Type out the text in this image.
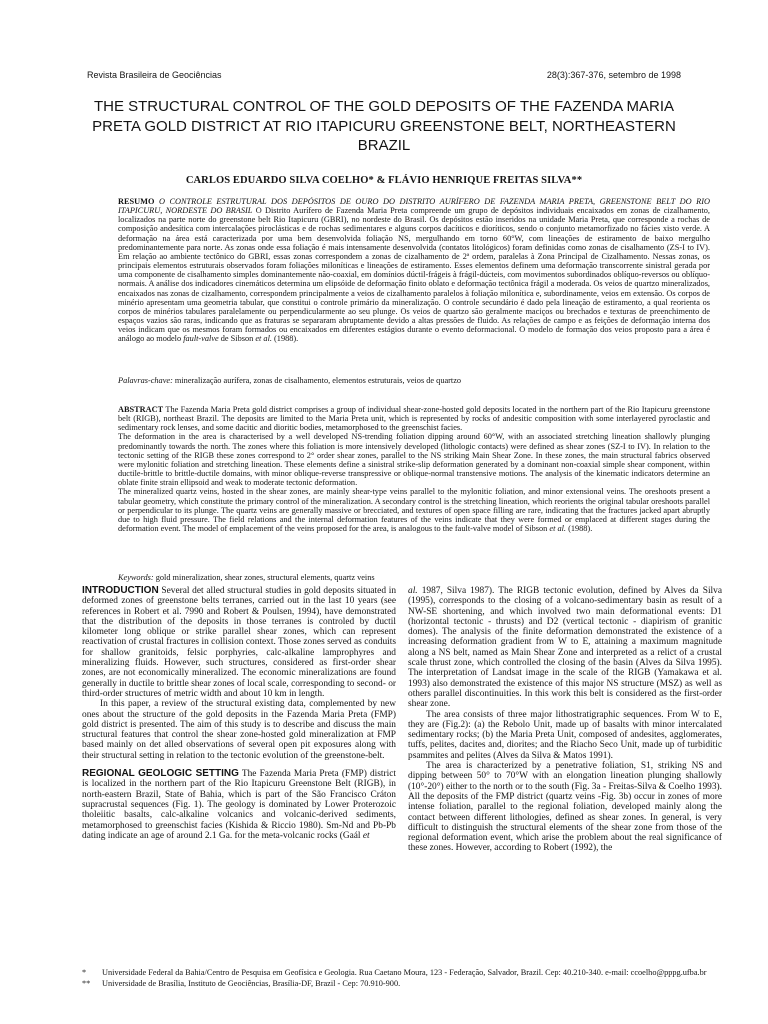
Revista Brasileira de Geociências	28(3):367-376, setembro de 1998
THE STRUCTURAL CONTROL OF THE GOLD DEPOSITS OF THE FAZENDA MARIA PRETA GOLD DISTRICT AT RIO ITAPICURU GREENSTONE BELT, NORTHEASTERN BRAZIL
CARLOS EDUARDO SILVA COELHO* & FLÁVIO HENRIQUE FREITAS SILVA**

RESUMO O CONTROLE ESTRUTURAL DOS DEPÓSITOS DE OURO DO DISTRITO AURÍFERO DE FAZENDA MARIA PRETA, GREENSTONE BELT DO RIO ITAPICURU, NORDESTE DO BRASIL O Distrito Aurífero de Fazenda Maria Preta compreende um grupo de depósitos individuais encaixados em zonas de cizalhamento, localizados na parte norte do greenstone belt Rio Itapicuru (GBRI), no nordeste do Brasil. Os depósitos estão inseridos na unidade Maria Preta, que corresponde a rochas de composição andesítica com intercalações piroclásticas e de rochas sedimentares e alguns corpos dacíticos e dioríticos, sendo o conjunto metamorfizado no fácies xisto verde. A deformação na área está caracterizada por uma bem desenvolvida foliação NS, mergulhando em torno 60°W, com lineações de estiramento de baixo mergulho predominantemente para norte. As zonas onde essa foliação é mais intensamente desenvolvida (contatos litológicos) foram definidas como zonas de cisalhamento (ZS-I to IV). Em relação ao ambiente tectônico do GBRI, essas zonas correspondem a zonas de cizalhamento de 2ª ordem, paralelas à Zona Principal de Cizalhamento. Nessas zonas, os principais elementos estruturais observados foram foliações miloníticas e lineações de estiramento. Esses elementos definem uma deformação transcorrente sinistral gerada por uma componente de cisalhamento simples dominantemente não-coaxial, em domínios dúctil-frágeis à frágil-dúcteis, com movimentos subordinados oblíquo-reversos ou oblíquo-normais. A análise dos indicadores cinemáticos determina um elipsóide de deformação finito oblato e deformação tectônica frágil a moderada. Os veios de quartzo mineralizados, encaixados nas zonas de cizalhamento, correspondem principalmente a veios de cizalhamento paralelos à foliação milonítica e, subordinamente, veios em extensão. Os corpos de minério apresentam uma geometria tabular, que constitui o controle primário da mineralização. O controle secundário é dado pela lineação de estiramento, a qual reorienta os corpos de minérios tabulares paralelamente ou perpendicularmente ao seu plunge. Os veios de quartzo são geralmente maciços ou brechados e texturas de preenchimento de espaços vazios são raras, indicando que as fraturas se separaram abruptamente devido a altas pressões de fluido. As relações de campo e as feições de deformação interna dos veios indicam que os mesmos foram formados ou encaixados em diferentes estágios durante o evento deformacional. O modelo de formação dos veios proposto para a área é análogo ao modelo fault-valve de Sibson et al. (1988).

Palavras-chave: mineralização aurífera, zonas de cisalhamento, elementos estruturais, veios de quartzo

ABSTRACT The Fazenda Maria Preta gold district comprises a group of individual shear-zone-hosted gold deposits located in the northern part of the Rio Itapicuru greenstone belt (RIGB), northeast Brazil. The deposits are limited to the Maria Preta unit, which is represented by rocks of andesitic composition with some interlayered pyroclastic and sedimentary rock lenses, and some dacitic and dioritic bodies, metamorphosed to the greenschist facies.

The deformation in the area is characterised by a well developed NS-trending foliation dipping around 60°W, with an associated stretching lineation shallowly plunging predominantly towards the north. The zones where this foliation is more intensively developed (lithologic contacts) were defined as shear zones (SZ-I to IV). In relation to the tectonic setting of the RIGB these zones correspond to 2° order shear zones, parallel to the NS striking Main Shear Zone. In these zones, the main structural fabrics observed were mylonitic foliation and stretching lineation. These elements define a sinistral strike-slip deformation generated by a dominant non-coaxial simple shear component, within ductile-brittle to brittle-ductile domains, with minor oblique-reverse transpressive or oblique-normal transtensive motions. The analysis of the kinematic indicators determine an oblate finite strain ellipsoid and weak to moderate tectonic deformation.

The mineralized quartz veins, hosted in the shear zones, are mainly shear-type veins parallel to the mylonitic foliation, and minor extensional veins. The oreshoots present a tabular geometry, which constitute the primary control of the mineralization. A secondary control is the stretching lineation, which reorients the original tabular oreshoots parallel or perpendicular to its plunge. The quartz veins are generally massive or brecciated, and textures of open space filling are rare, indicating that the fractures jacked apart abruptly due to high fluid pressure. The field relations and the internal deformation features of the veins indicate that they were formed or emplaced at different stages during the deformation event. The model of emplacement of the veins proposed for the area, is analogous to the fault-valve model of Sibson et al. (1988).

Keywords: gold mineralization, shear zones, structural elements, quartz veins

INTRODUCTION Several det alled structural studies in gold deposits situated in deformed zones of greenstone belts terranes, carried out in the last 10 years (see references in Robert et al. 7990 and Robert & Poulsen, 1994), have demonstrated that the distribution of the deposits in those terranes is controled by ductil kilometer long oblique or strike parallel shear zones, which can represent reactivation of crustal fractures in collision context. Those zones served as conduits for shallow granitoids, felsic porphyries, calc-alkaline lamprophyres and mineralizing fluids. However, such structures, considered as first-order shear zones, are not economically mineralized. The economic mineralizations are found generally in ductile to brittle shear zones of local scale, corresponding to second- or third-order structures of metric width and about 10 km in length.

In this paper, a review of the structural existing data, complemented by new ones about the structure of the gold deposits in the Fazenda Maria Preta (FMP) gold district is presented. The aim of this study is to describe and discuss the main structural features that control the shear zone-hosted gold mineralization at FMP based mainly on det alled observations of several open pit exposures along with their structural setting in relation to the tectonic evolution of the greenstone-belt.

REGIONAL GEOLOGIC SETTING The Fazenda Maria Preta (FMP) district is localized in the northern part of the Rio Itapicuru Greenstone Belt (RIGB), in north-eastern Brazil, State of Bahia, which is part of the São Francisco Cráton supracrustal sequences (Fig. 1). The geology is dominated by Lower Proterozoic tholeiitic basalts, calc-alkaline volcanics and volcanic-derived sediments, metamorphosed to greenschist facies (Kishida & Riccio 1980). Sm-Nd and Pb-Pb dating indicate an age of around 2.1 Ga. for the meta-volcanic rocks (Gaál et

al. 1987, Silva 1987). The RIGB tectonic evolution, defined by Alves da Silva (1995), corresponds to the closing of a volcano-sedimentary basin as result of a NW-SE shortening, and which involved two main deformational events: D1 (horizontal tectonic - thrusts) and D2 (vertical tectonic - diapirism of granitic domes). The analysis of the finite deformation demonstrated the existence of a increasing deformation gradient from W to E, attaining a maximum magnitude along a NS belt, named as Main Shear Zone and interpreted as a relict of a crustal scale thrust zone, which controlled the closing of the basin (Alves da Silva 1995). The interpretation of Landsat image in the scale of the RIGB (Yamakawa et al. 1993) also demonstrated the existence of this major NS structure (MSZ) as well as others parallel discontinuities. In this work this belt is considered as the first-order shear zone.

The area consists of three major lithostratigraphic sequences. From W to E, they are (Fig.2): (a) the Rebolo Unit, made up of basalts with minor intercalated sedimentary rocks; (b) the Maria Preta Unit, composed of andesites, agglomerates, tuffs, pelites, dacites and, diorites; and the Riacho Seco Unit, made up of turbiditic psammites and pelites (Alves da Silva & Matos 1991).

The area is characterized by a penetrative foliation, S1, striking NS and dipping between 50° to 70°W with an elongation lineation plunging shallowly (10°-20°) either to the north or to the south (Fig. 3a - Freitas-Silva & Coelho 1993). All the deposits of the FMP district (quartz veins -Fig. 3b) occur in zones of more intense foliation, parallel to the regional foliation, developed mainly along the contact between different lithologies, defined as shear zones. In general, is very difficult to distinguish the structural elements of the shear zone from those of the regional deformation event, which arise the problem about the real significance of these zones. However, according to Robert (1992), the

* Universidade Federal da Bahia/Centro de Pesquisa em Geofísica e Geologia. Rua Caetano Moura, 123 - Federação, Salvador, Brazil. Cep: 40.210-340. e-mail: ccoelho@pppg.ufba.br
** Universidade de Brasília, Instituto de Geociências, Brasília-DF, Brazil - Cep: 70.910-900.
